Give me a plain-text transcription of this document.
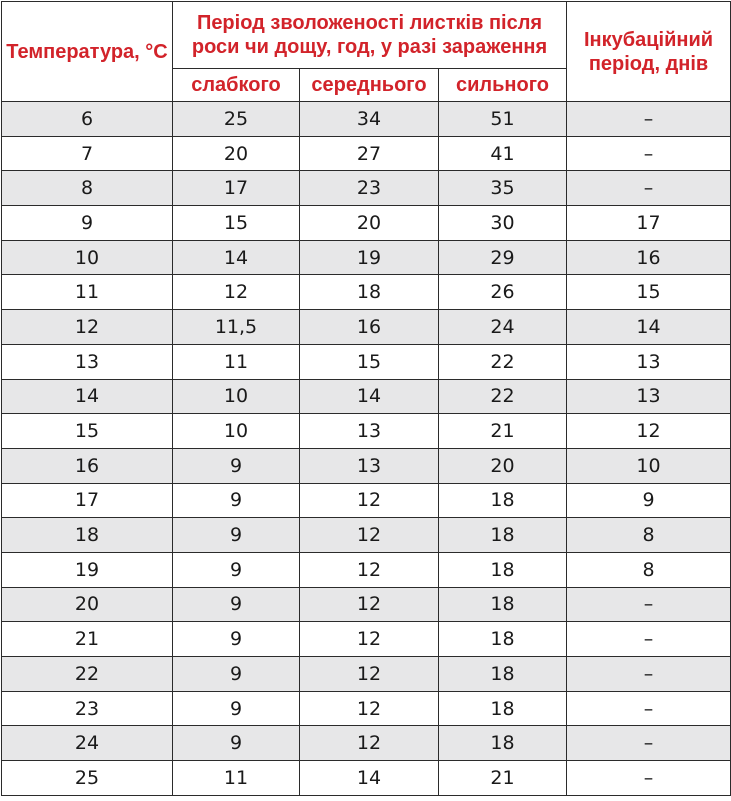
Температура, °С	Період зволоженості листків після роси чи дощу, год, у разі зараження			Інкубаційний період, днів
	слабкого	середнього	сильного	
6	25	34	51	–
7	20	27	41	–
8	17	23	35	–
9	15	20	30	17
10	14	19	29	16
11	12	18	26	15
12	11,5	16	24	14
13	11	15	22	13
14	10	14	22	13
15	10	13	21	12
16	9	13	20	10
17	9	12	18	9
18	9	12	18	8
19	9	12	18	8
20	9	12	18	–
21	9	12	18	–
22	9	12	18	–
23	9	12	18	–
24	9	12	18	–
25	11	14	21	–
